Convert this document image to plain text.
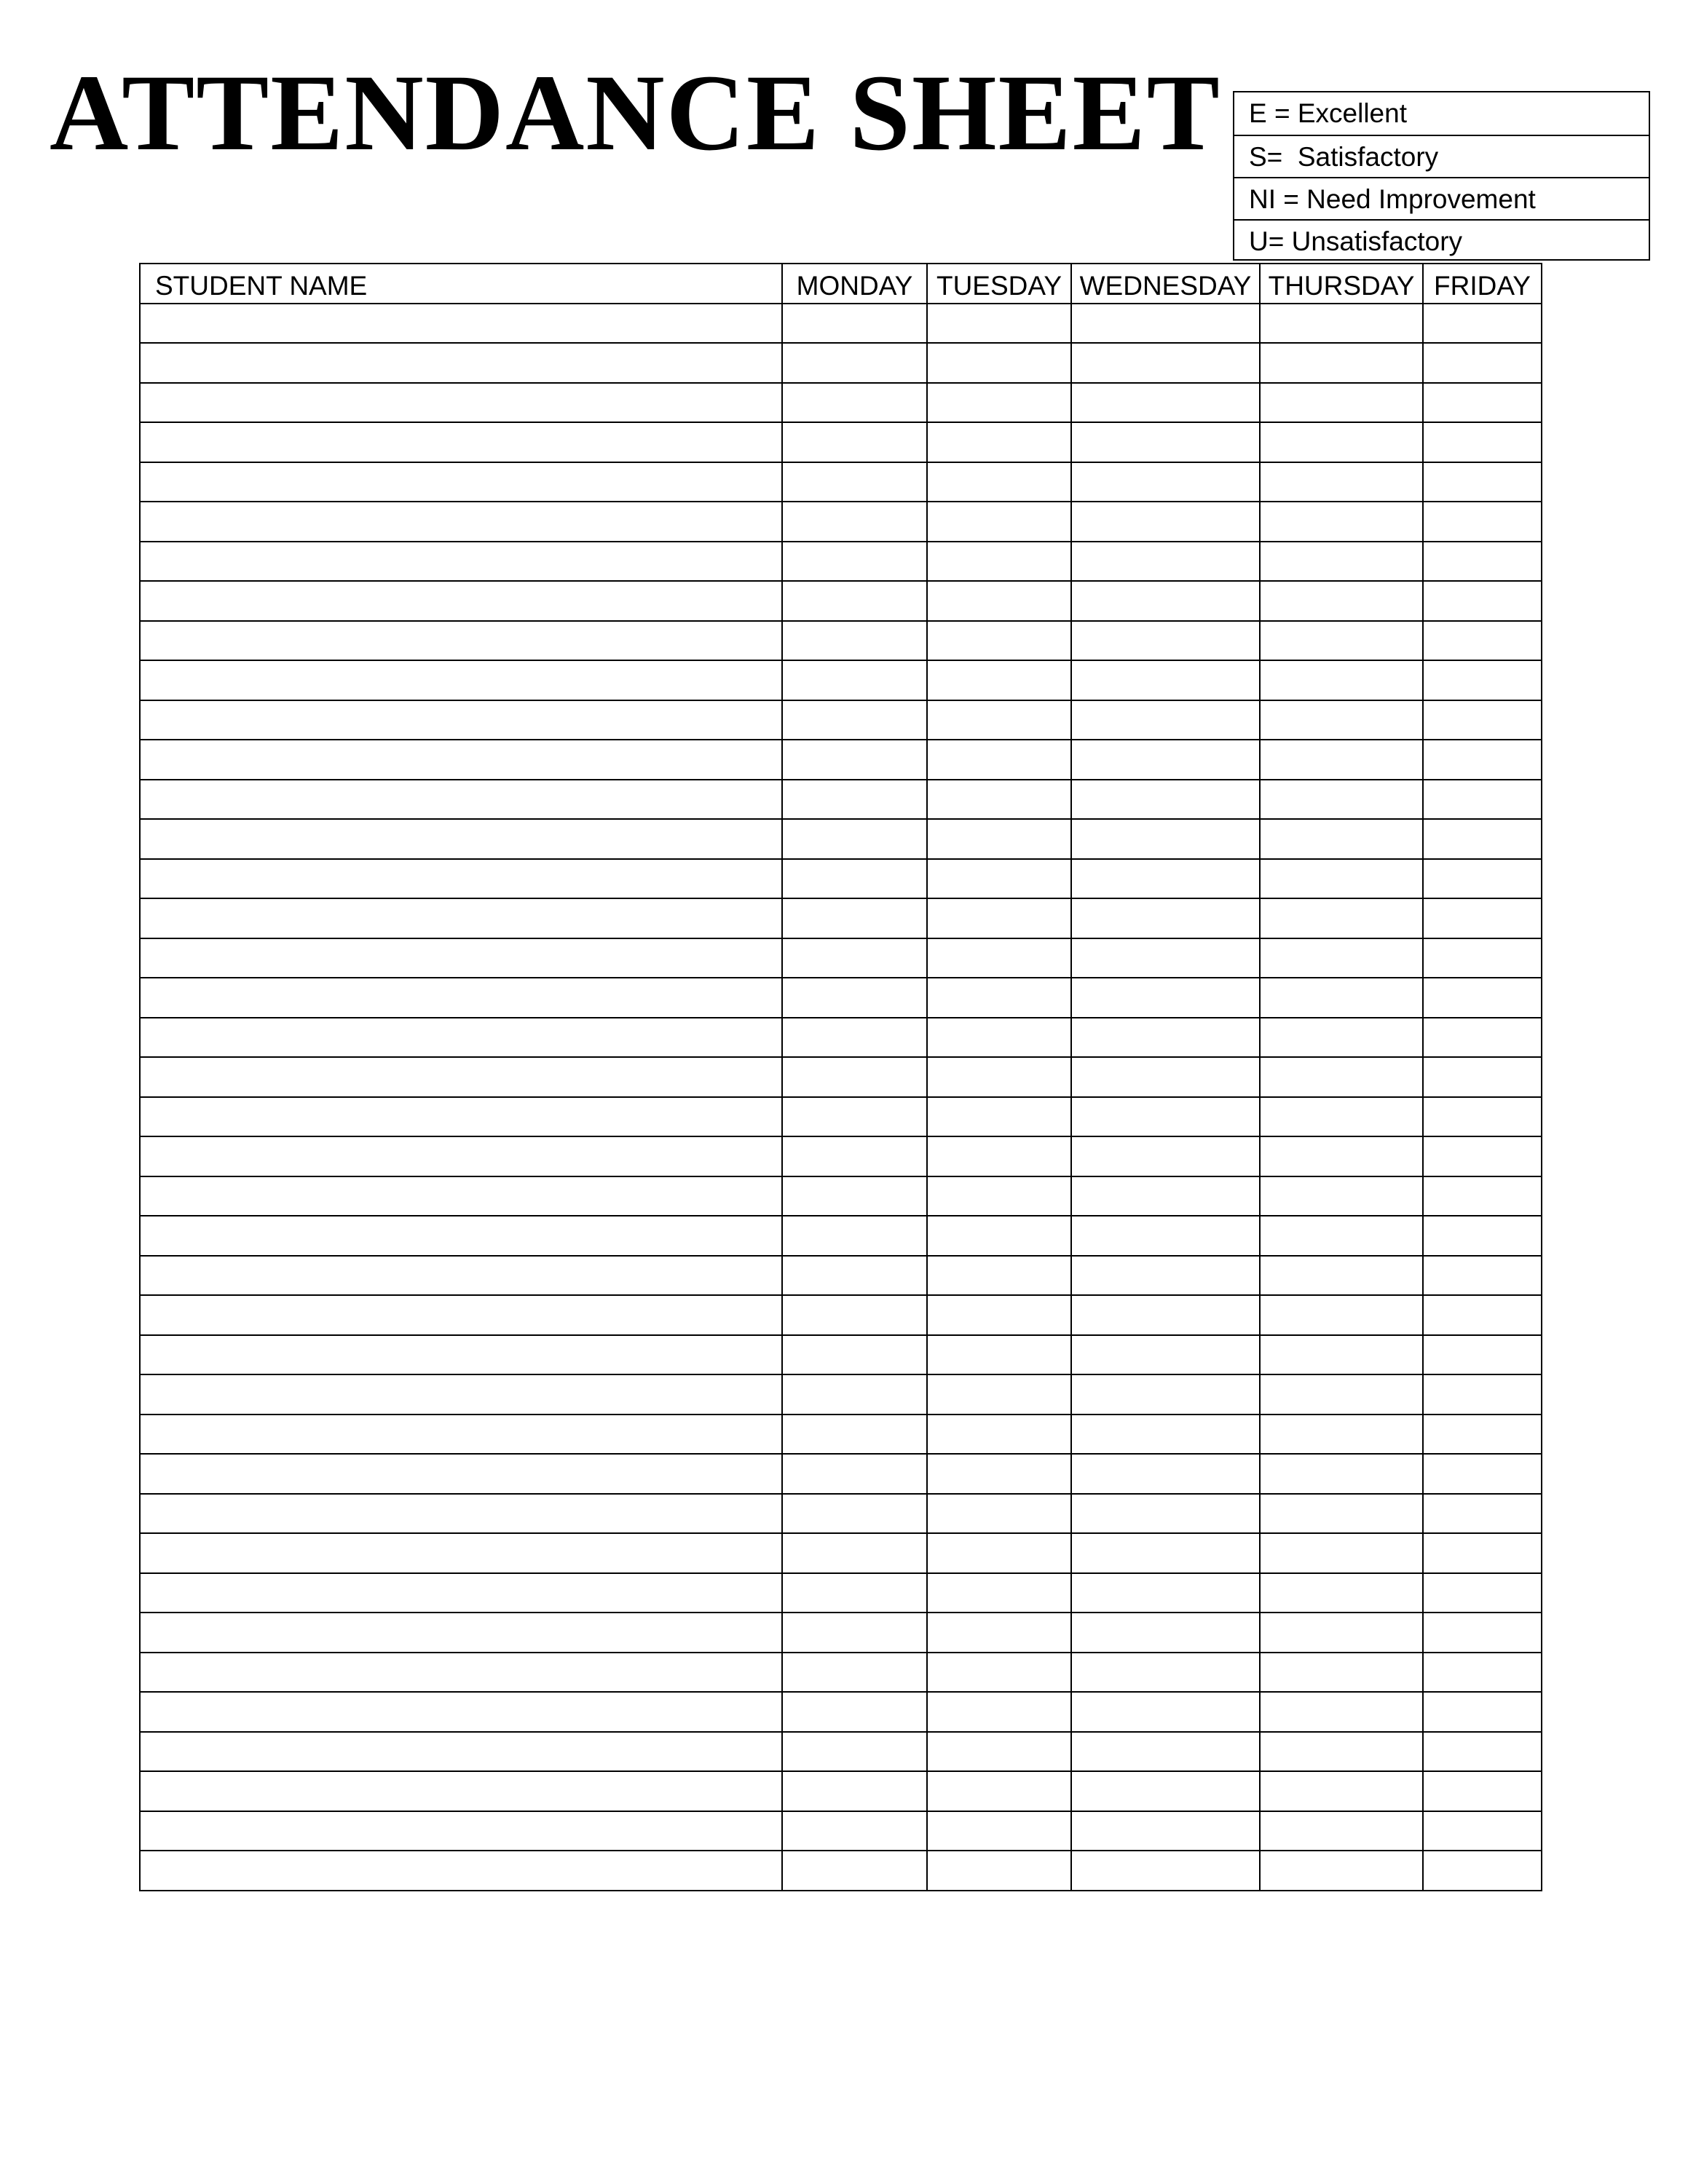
ATTENDANCE SHEET	E = Excellent
S=  Satisfactory
NI = Need Improvement
U= Unsatisfactory
STUDENT NAME	MONDAY	TUESDAY	WEDNESDAY	THURSDAY	FRIDAY
